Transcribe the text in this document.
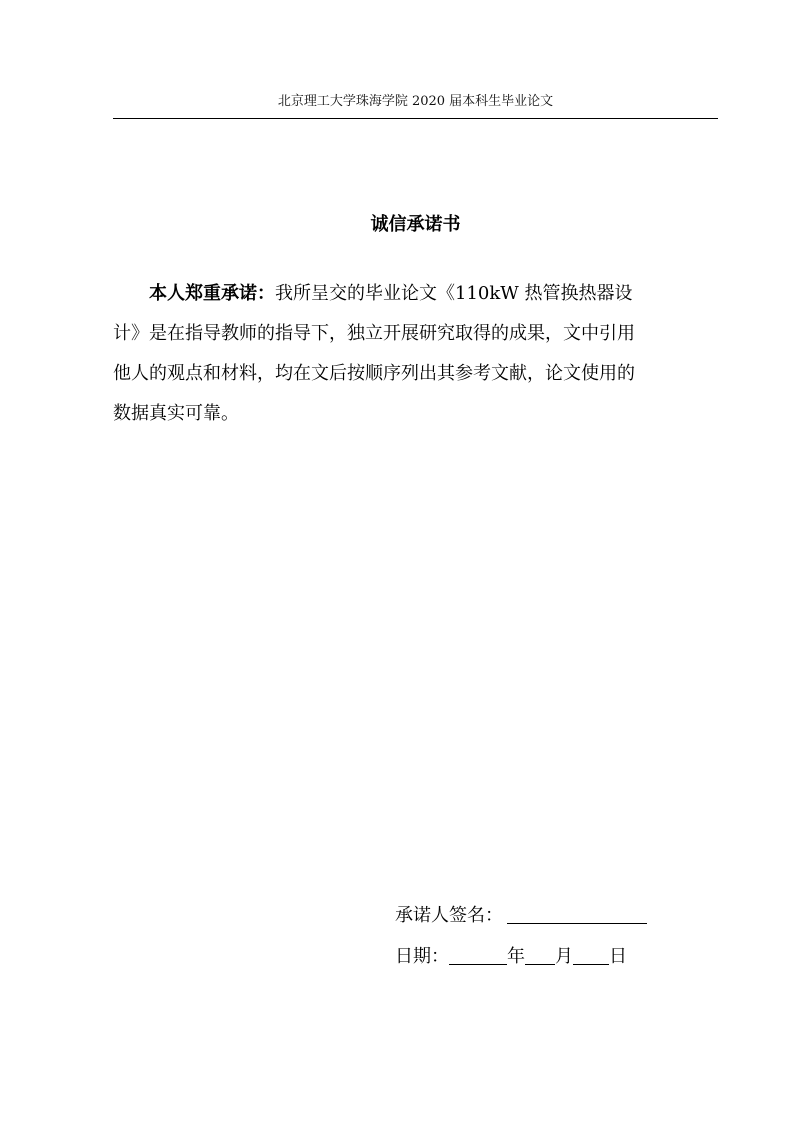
北京理工大学珠海学院 2020 届本科生毕业论文
诚信承诺书
本人郑重承诺：我所呈交的毕业论文《110kW 热管换热器设
计》是在指导教师的指导下，独立开展研究取得的成果，文中引用
他人的观点和材料，均在文后按顺序列出其参考文献，论文使用的
数据真实可靠。
承诺人签名：
日期：	年 月 日
